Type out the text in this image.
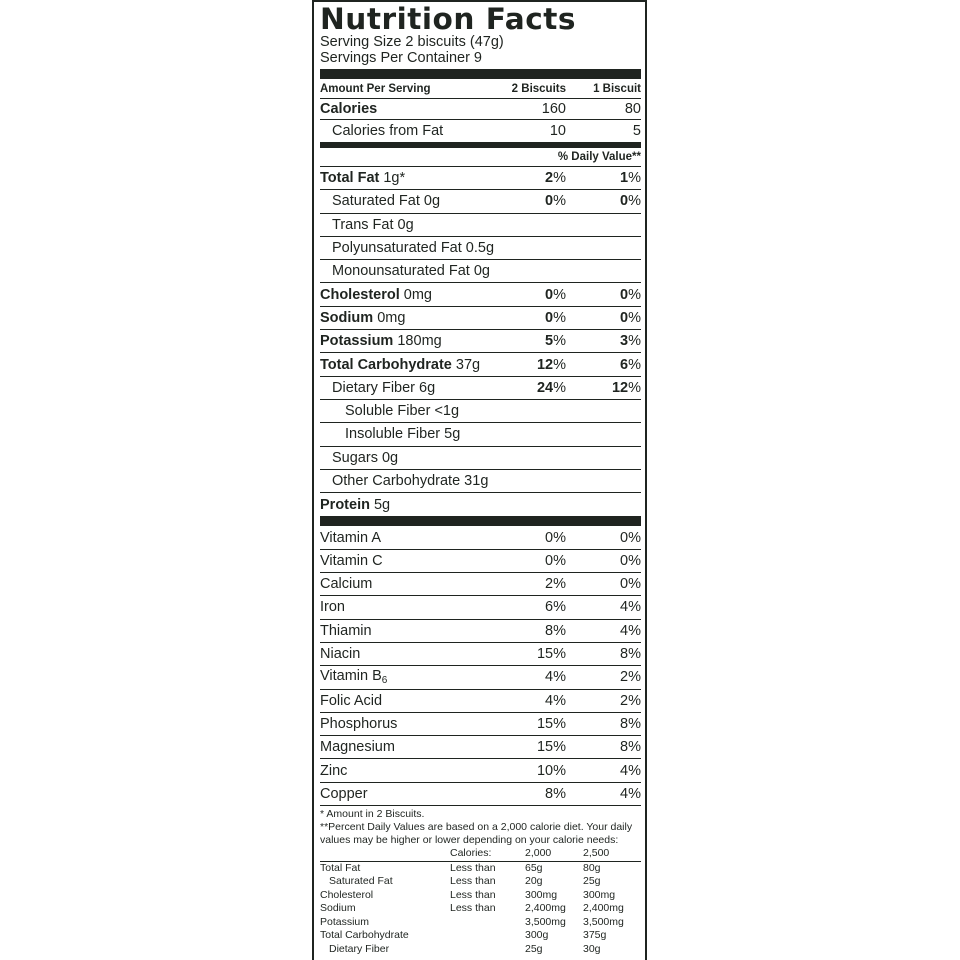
Nutrition Facts
Serving Size 2 biscuits (47g)
Servings Per Container 9
Amount Per Serving	2 Biscuits	1 Biscuit
Calories	160	80
Calories from Fat	10	5
% Daily Value**
Total Fat 1g*	2%	1%
Saturated Fat 0g	0%	0%
Trans Fat 0g
Polyunsaturated Fat 0.5g
Monounsaturated Fat 0g
Cholesterol 0mg	0%	0%
Sodium 0mg	0%	0%
Potassium 180mg	5%	3%
Total Carbohydrate 37g	12%	6%
Dietary Fiber 6g	24%	12%
Soluble Fiber <1g
Insoluble Fiber 5g
Sugars 0g
Other Carbohydrate 31g
Protein 5g
Vitamin A	0%	0%
Vitamin C	0%	0%
Calcium	2%	0%
Iron	6%	4%
Thiamin	8%	4%
Niacin	15%	8%
Vitamin $B_6$	4%	2%
Folic Acid	4%	2%
Phosphorus	15%	8%
Magnesium	15%	8%
Zinc	10%	4%
Copper	8%	4%
* Amount in 2 Biscuits.
**Percent Daily Values are based on a 2,000 calorie diet. Your daily
values may be higher or lower depending on your calorie needs:
	Calories:	2,000	2,500
Total Fat	Less than	65g	80g
Saturated Fat	Less than	20g	25g
Cholesterol	Less than	300mg	300mg
Sodium	Less than	2,400mg	2,400mg
Potassium		3,500mg	3,500mg
Total Carbohydrate		300g	375g
Dietary Fiber		25g	30g
